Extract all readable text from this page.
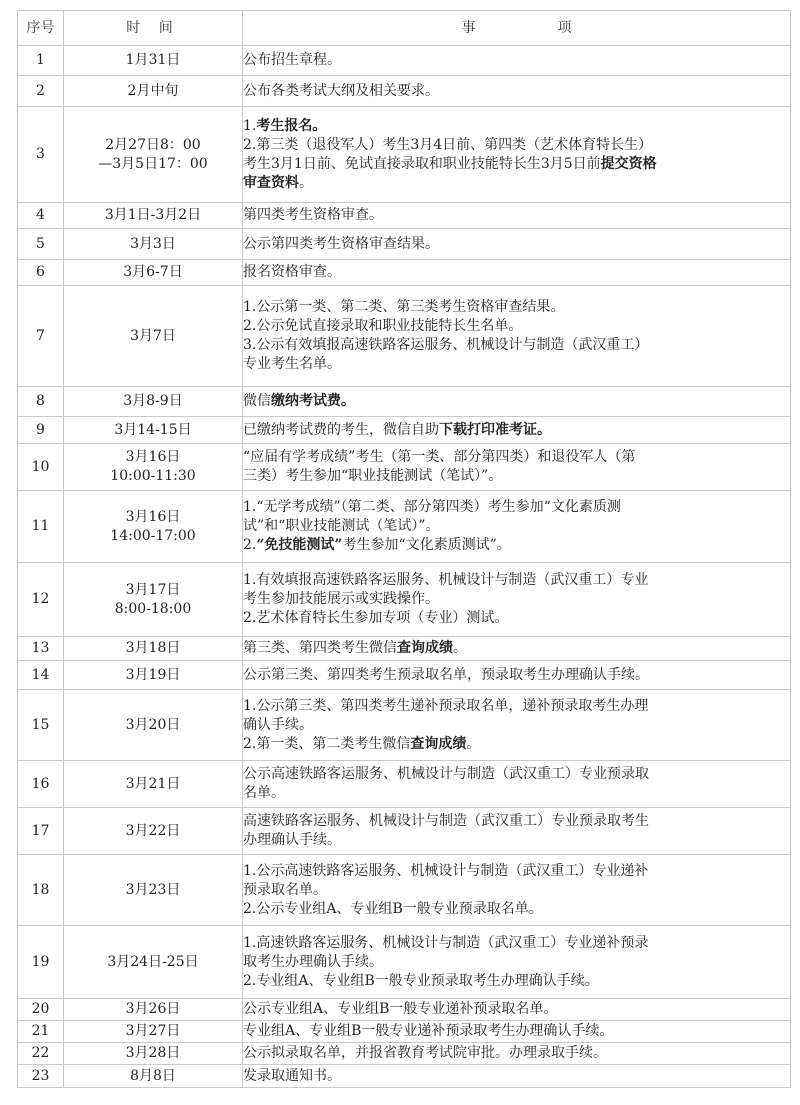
序号	时 间	事 项
1	1月31日	公布招生章程。

2	2月中旬	公布各类考试大纲及相关要求。

3	2月27日8：00
—3月5日17：00	1.考生报名。
2.第三类（退役军人）考生3月4日前、第四类（艺术体育特长生）
考生3月1日前、免试直接录取和职业技能特长生3月5日前提交资格
审查资料。

4	3月1日-3月2日	第四类考生资格审查。

5	3月3日	公示第四类考生资格审查结果。

6	3月6-7日	报名资格审查。

7	3月7日	1.公示第一类、第二类、第三类考生资格审查结果。
2.公示免试直接录取和职业技能特长生名单。
3.公示有效填报高速铁路客运服务、机械设计与制造（武汉重工）
专业考生名单。

8	3月8-9日	微信缴纳考试费。

9	3月14-15日	已缴纳考试费的考生，微信自助下载打印准考证。

10	3月16日
10:00-11:30	“应届有学考成绩”考生（第一类、部分第四类）和退役军人（第
三类）考生参加“职业技能测试（笔试）”。

11	3月16日
14:00-17:00	1.“无学考成绩”（第二类、部分第四类）考生参加“文化素质测
试”和“职业技能测试（笔试）”。
2.“免技能测试”考生参加“文化素质测试”。

12	3月17日
8:00-18:00	1.有效填报高速铁路客运服务、机械设计与制造（武汉重工）专业
考生参加技能展示或实践操作。
2.艺术体育特长生参加专项（专业）测试。

13	3月18日	第三类、第四类考生微信查询成绩。

14	3月19日	公示第三类、第四类考生预录取名单，预录取考生办理确认手续。

15	3月20日	1.公示第三类、第四类考生递补预录取名单，递补预录取考生办理
确认手续。
2.第一类、第二类考生微信查询成绩。

16	3月21日	公示高速铁路客运服务、机械设计与制造（武汉重工）专业预录取
名单。

17	3月22日	高速铁路客运服务、机械设计与制造（武汉重工）专业预录取考生
办理确认手续。

18	3月23日	1.公示高速铁路客运服务、机械设计与制造（武汉重工）专业递补
预录取名单。
2.公示专业组A、专业组B一般专业预录取名单。

19	3月24日-25日	1.高速铁路客运服务、机械设计与制造（武汉重工）专业递补预录
取考生办理确认手续。
2.专业组A、专业组B一般专业预录取考生办理确认手续。

20	3月26日	公示专业组A、专业组B一般专业递补预录取名单。

21	3月27日	专业组A、专业组B一般专业递补预录取考生办理确认手续。

22	3月28日	公示拟录取名单，并报省教育考试院审批。办理录取手续。

23	8月8日	发录取通知书。
